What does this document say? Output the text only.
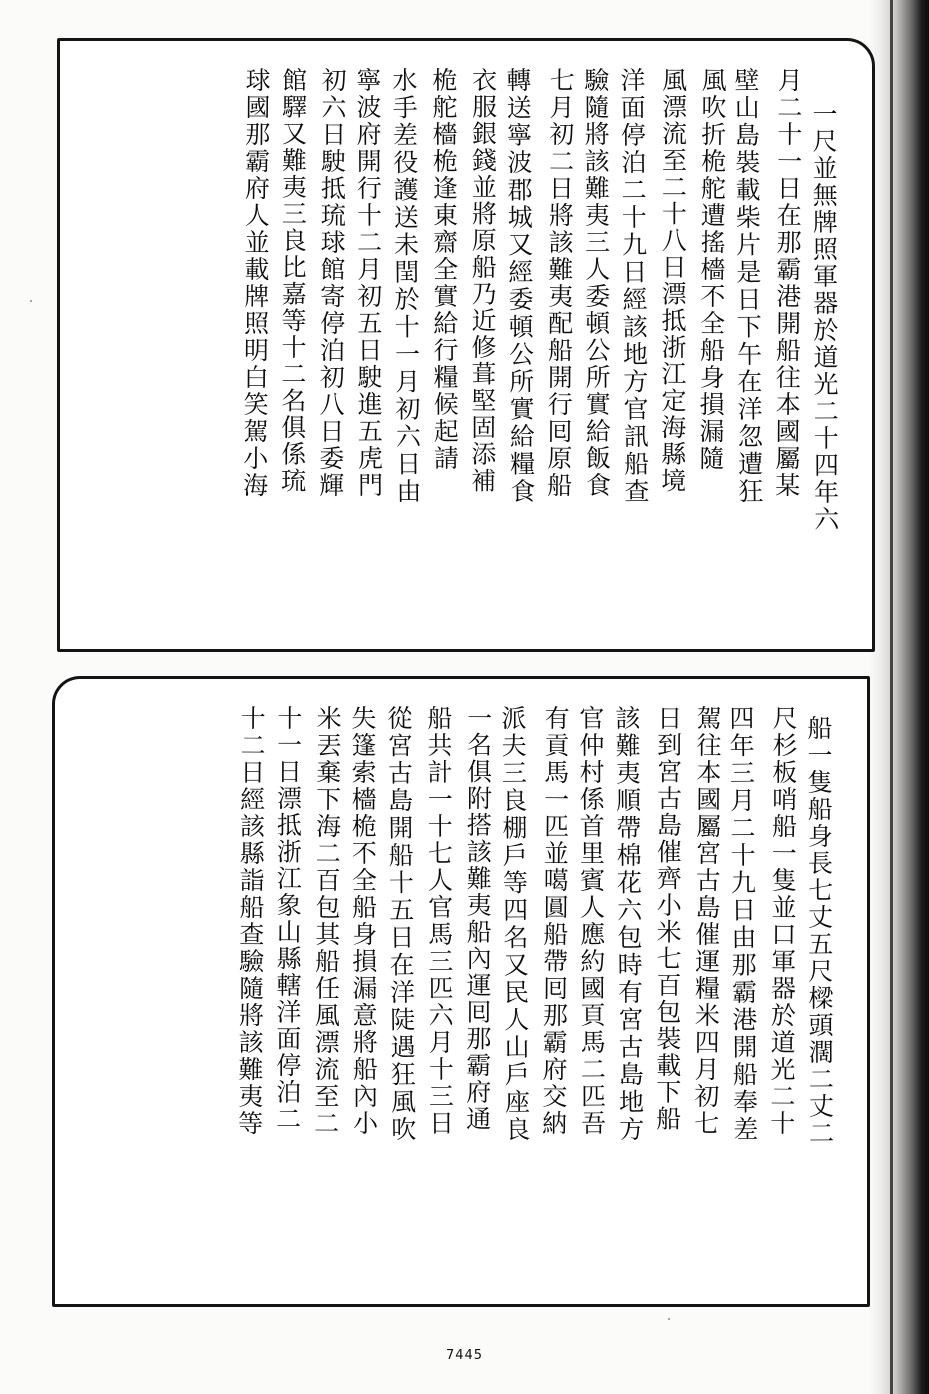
一尺並無牌照軍器於道光二十四年六
月二十一日在那霸港開船往本國屬某
壁山島裝載柴片是日下午在洋忽遭狂
風吹折桅舵遭搖檣不全船身損漏隨
風漂流至二十八日漂抵浙江定海縣境
洋面停泊二十九日經該地方官訊船查
驗隨將該難夷三人委頓公所實給飯食
七月初二日將該難夷配船開行囘原船
轉送寧波郡城又經委頓公所實給糧食
衣服銀錢並將原船乃近修葺堅固添補
桅舵檣桅逢東齋全實給行糧候起請
水手差役護送未閏於十一月初六日由
寧波府開行十二月初五日駛進五虎門
初六日駛抵琉球館寄停泊初八日委輝
館驛又難夷三良比嘉等十二名俱係琉
球國那霸府人並載牌照明白笑駕小海
船一隻船身長七丈五尺樑頭濶二丈二
尺杉板哨船一隻並口軍器於道光二十
四年三月二十九日由那霸港開船奉差
駕往本國屬宮古島催運糧米四月初七
日到宮古島催齊小米七百包裝載下船
該難夷順帶棉花六包時有宮古島地方
官仲村係首里賓人應約國頁馬二匹吾
有貢馬一匹並噶圓船帶囘那霸府交納
派夫三良棚戶等四名又民人山戶座良
一名俱附搭該難夷船內運囘那霸府通
船共計一十七人官馬三匹六月十三日
從宮古島開船十五日在洋陡遇狂風吹
失篷索檣桅不全船身損漏意將船內小
米丟棄下海二百包其船任風漂流至二
十一日漂抵浙江象山縣轄洋面停泊二
十二日經該縣詣船查驗隨將該難夷等
7445
